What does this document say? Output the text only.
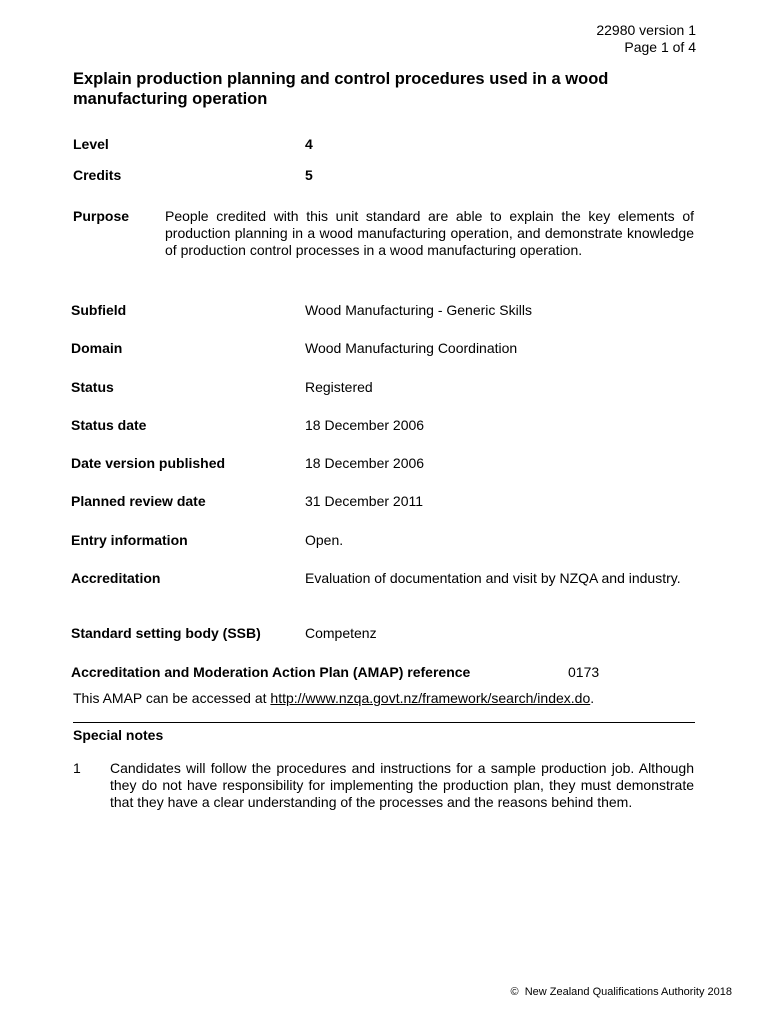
22980 version 1
Page 1 of 4
Explain production planning and control procedures used in a wood manufacturing operation
Level	4
Credits	5
Purpose	People credited with this unit standard are able to explain the key elements of production planning in a wood manufacturing operation, and demonstrate knowledge of production control processes in a wood manufacturing operation.
Subfield	Wood Manufacturing - Generic Skills
Domain	Wood Manufacturing Coordination
Status	Registered
Status date	18 December 2006
Date version published	18 December 2006
Planned review date	31 December 2011
Entry information	Open.
Accreditation	Evaluation of documentation and visit by NZQA and industry.
Standard setting body (SSB)	Competenz
Accreditation and Moderation Action Plan (AMAP) reference	0173
This AMAP can be accessed at http://www.nzqa.govt.nz/framework/search/index.do.
Special notes
1 Candidates will follow the procedures and instructions for a sample production job. Although they do not have responsibility for implementing the production plan, they must demonstrate that they have a clear understanding of the processes and the reasons behind them.
© New Zealand Qualifications Authority 2018
